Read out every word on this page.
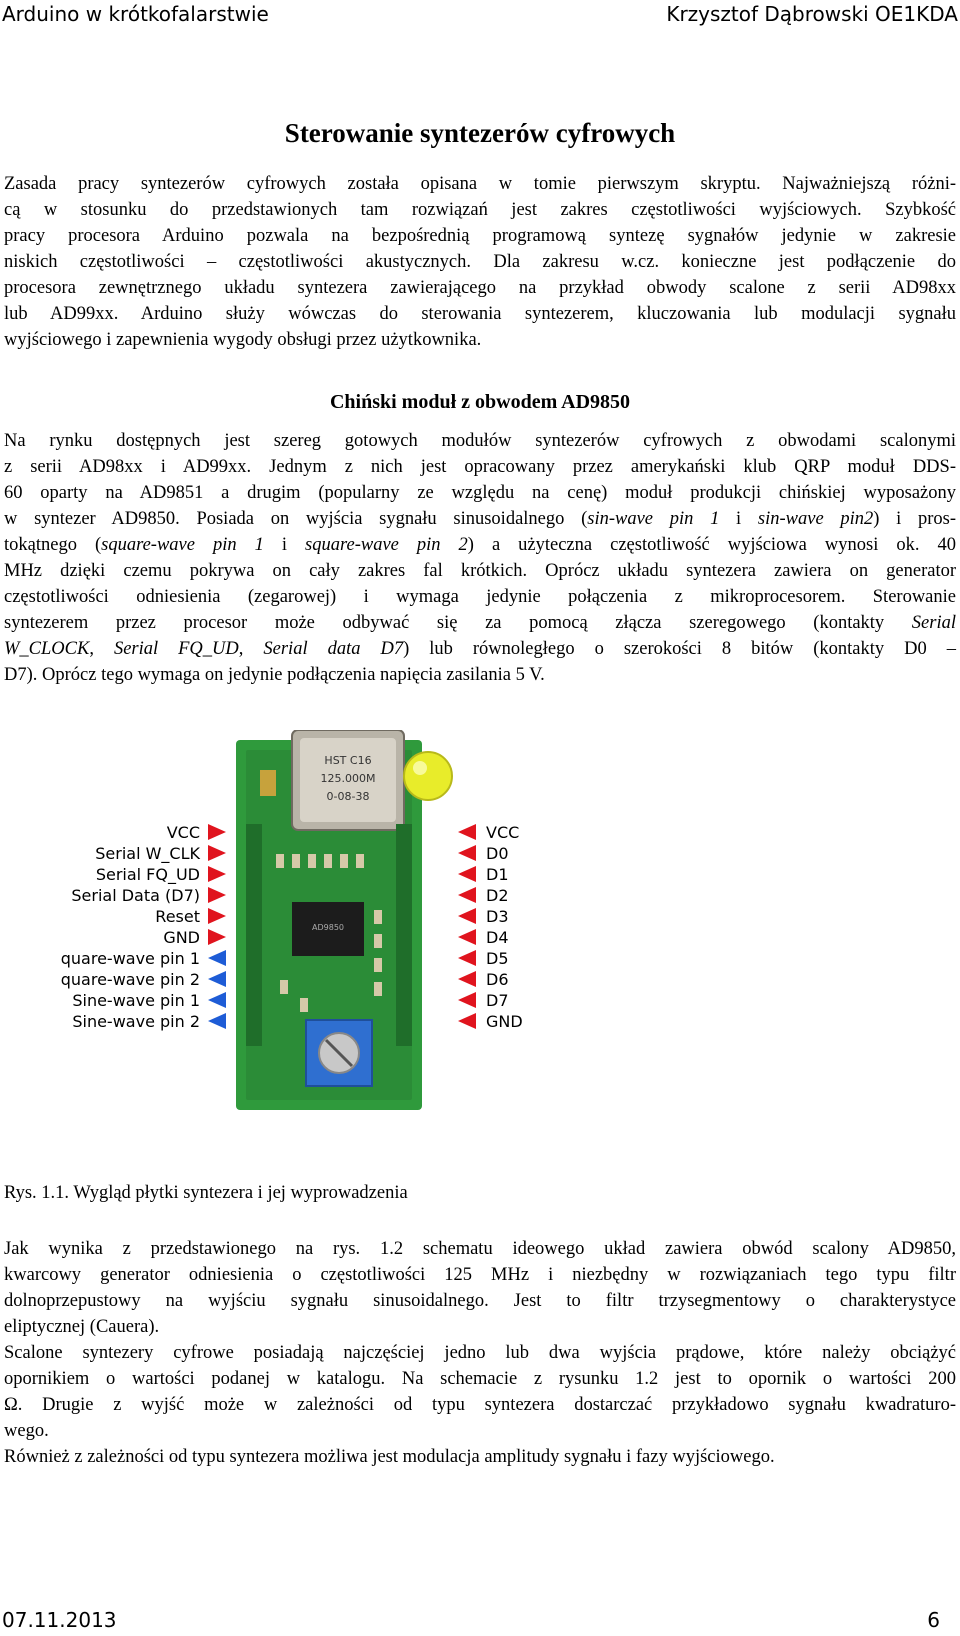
Arduino w krótkofalarstwie	Krzysztof Dąbrowski OE1KDA
Sterowanie syntezerów cyfrowych
Zasada pracy syntezerów cyfrowych została opisana w tomie pierwszym skryptu. Najważniejszą różni-
cą w stosunku do przedstawionych tam rozwiązań jest zakres częstotliwości wyjściowych. Szybkość
pracy procesora Arduino pozwala na bezpośrednią programową syntezę sygnałów jedynie w zakresie
niskich częstotliwości – częstotliwości akustycznych. Dla zakresu w.cz. konieczne jest podłączenie do
procesora zewnętrznego układu syntezera zawierającego na przykład obwody scalone z serii AD98xx
lub AD99xx. Arduino służy wówczas do sterowania syntezerem, kluczowania lub modulacji sygnału
wyjściowego i zapewnienia wygody obsługi przez użytkownika.
Chiński moduł z obwodem AD9850
Na rynku dostępnych jest szereg gotowych modułów syntezerów cyfrowych z obwodami scalonymi
z serii AD98xx i AD99xx. Jednym z nich jest opracowany przez amerykański klub QRP moduł DDS-
60 oparty na AD9851 a drugim (popularny ze względu na cenę) moduł produkcji chińskiej wyposażony
w syntezer AD9850. Posiada on wyjścia sygnału sinusoidalnego (sin-wave pin 1 i sin-wave pin2) i pros-
tokątnego (square-wave pin 1 i square-wave pin 2) a użyteczna częstotliwość wyjściowa wynosi ok. 40
MHz dzięki czemu pokrywa on cały zakres fal krótkich. Oprócz układu syntezera zawiera on generator
częstotliwości odniesienia (zegarowej) i wymaga jedynie połączenia z mikroprocesorem. Sterowanie
syntezerem przez procesor może odbywać się za pomocą złącza szeregowego (kontakty Serial
W_CLOCK, Serial FQ_UD, Serial data D7) lub równoległego o szerokości 8 bitów (kontakty D0 –
D7). Oprócz tego wymaga on jedynie podłączenia napięcia zasilania 5 V.
HST C16
125.000M
0-08-38
AD9850
VCC
Serial W_CLK
Serial FQ_UD
Serial Data (D7)
Reset
GND
Square-wave pin 1
Square-wave pin 2
Sine-wave pin 1
Sine-wave pin 2
VCC
D0
D1
D2
D3
D4
D5
D6
D7
GND
Rys. 1.1. Wygląd płytki syntezera i jej wyprowadzenia
Jak wynika z przedstawionego na rys. 1.2 schematu ideowego układ zawiera obwód scalony AD9850,
kwarcowy generator odniesienia o częstotliwości 125 MHz i niezbędny w rozwiązaniach tego typu filtr
dolnoprzepustowy na wyjściu sygnału sinusoidalnego. Jest to filtr trzysegmentowy o charakterystyce
eliptycznej (Cauera).
Scalone syntezery cyfrowe posiadają najczęściej jedno lub dwa wyjścia prądowe, które należy obciążyć
opornikiem o wartości podanej w katalogu. Na schemacie z rysunku 1.2 jest to opornik o wartości 200
Ω. Drugie z wyjść może w zależności od typu syntezera dostarczać przykładowo sygnału kwadraturo-
wego.
Również z zależności od typu syntezera możliwa jest modulacja amplitudy sygnału i fazy wyjściowego.
07.11.2013	6
